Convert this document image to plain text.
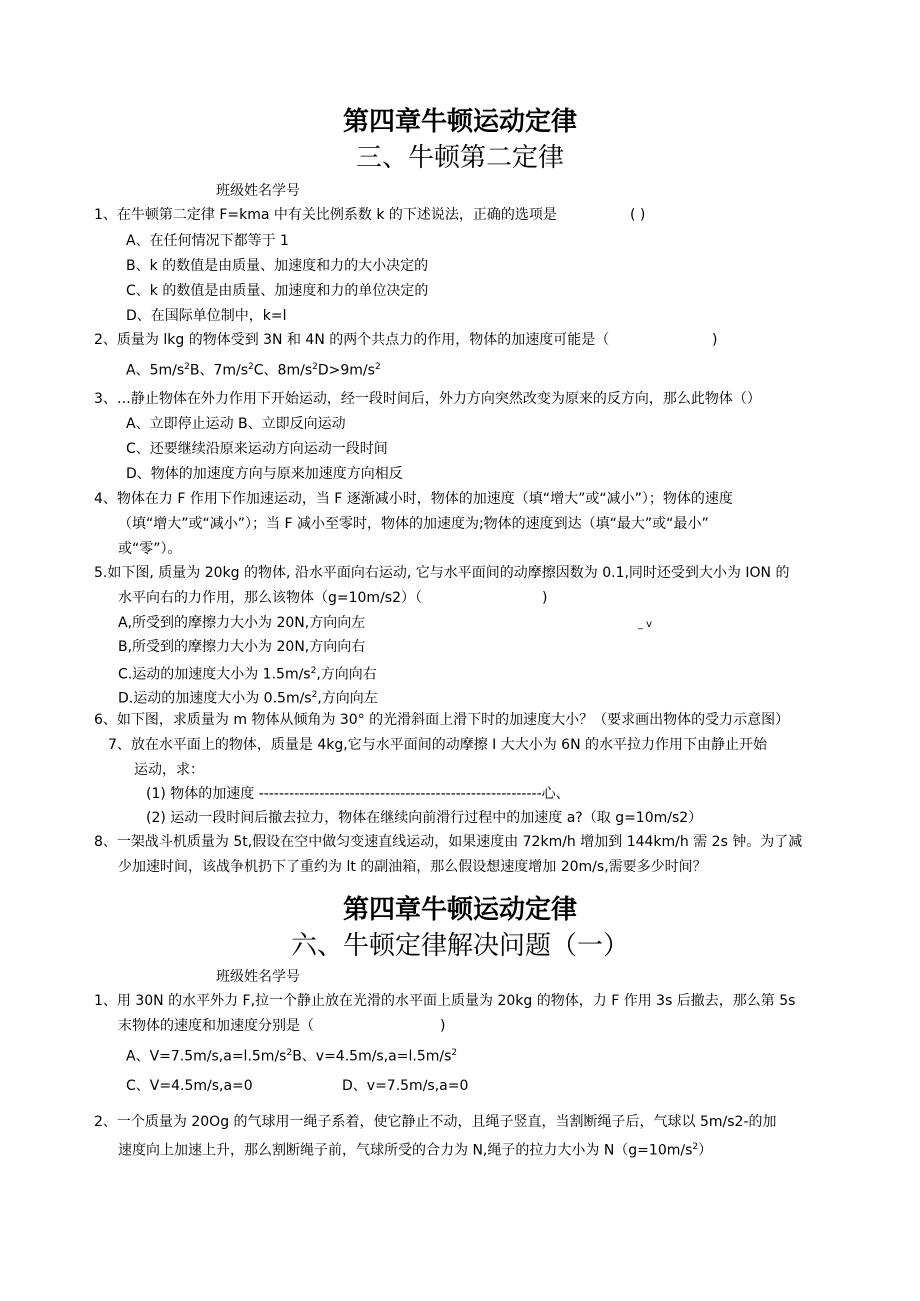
第四章牛顿运动定律
三、牛顿第二定律
班级姓名学号
1、在牛顿第二定律 F=kma 中有关比例系数 k 的下述说法，正确的选项是	( )
A、在任何情况下都等于 1
B、k 的数值是由质量、加速度和力的大小决定的
C、k 的数值是由质量、加速度和力的单位决定的
D、在国际单位制中，k=l
2、质量为 lkg 的物体受到 3N 和 4N 的两个共点力的作用，物体的加速度可能是（	)
A、$5m∕s^2B$、$7m∕s^2C$、$8m∕s^2D>9m∕s^2$
3、…静止物体在外力作用下开始运动，经一段时间后，外力方向突然改变为原来的反方向，那么此物体（）
A、立即停止运动 B、立即反向运动
C、还要继续沿原来运动方向运动一段时间
D、物体的加速度方向与原来加速度方向相反
4、物体在力 F 作用下作加速运动，当 F 逐渐减小时，物体的加速度（填“增大”或“减小”）；物体的速度
（填“增大”或“减小”）；当 F 减小至零时，物体的加速度为;物体的速度到达（填“最大”或“最小”
或“零”）。
5.如下图, 质量为 20kg 的物体, 沿水平面向右运动, 它与水平面间的动摩擦因数为 0.1,同时还受到大小为 ION 的
水平向右的力作用，那么该物体（g=10m∕s2）（	)
_ v
A,所受到的摩擦力大小为 20N,方向向左
B,所受到的摩擦力大小为 20N,方向向右
C.运动的加速度大小为 $1.5m∕s^2$,方向向右
D.运动的加速度大小为 $0.5m∕s^2$,方向向左
6、如下图，求质量为 m 物体从倾角为 30° 的光滑斜面上滑下时的加速度大小？（要求画出物体的受力示意图）
7、放在水平面上的物体，质量是 4kg,它与水平面间的动摩擦 I 大大小为 6N 的水平拉力作用下由静止开始
运动，求：
(1) 物体的加速度 --------------------------------------------------------心、
(2) 运动一段时间后撤去拉力，物体在继续向前滑行过程中的加速度 a?（取 g=10m∕s2）
8、一架战斗机质量为 5t,假设在空中做匀变速直线运动，如果速度由 72km∕h 增加到 144km∕h 需 2s 钟。为了减
少加速时间，该战争机扔下了重约为 lt 的副油箱，那么假设想速度增加 20m∕s,需要多少时间？
第四章牛顿运动定律
六、牛顿定律解决问题（一）
班级姓名学号
1、用 30N 的水平外力 F,拉一个静止放在光滑的水平面上质量为 20kg 的物体，力 F 作用 3s 后撤去，那么第 5s
末物体的速度和加速度分别是（	)
A、$V=7.5m∕s,a=l.5m∕s^2B$、$v=4.5m∕s,a=l.5m∕s^2$
C、V=4.5m∕s,a=0	D、v=7.5m∕s,a=0
2、一个质量为 20Og 的气球用一绳子系着，使它静止不动，且绳子竖直，当割断绳子后，气球以 5m∕s2-的加
速度向上加速上升，那么割断绳子前，气球所受的合力为 N,绳子的拉力大小为 $N(g=10m∕s^2)$
